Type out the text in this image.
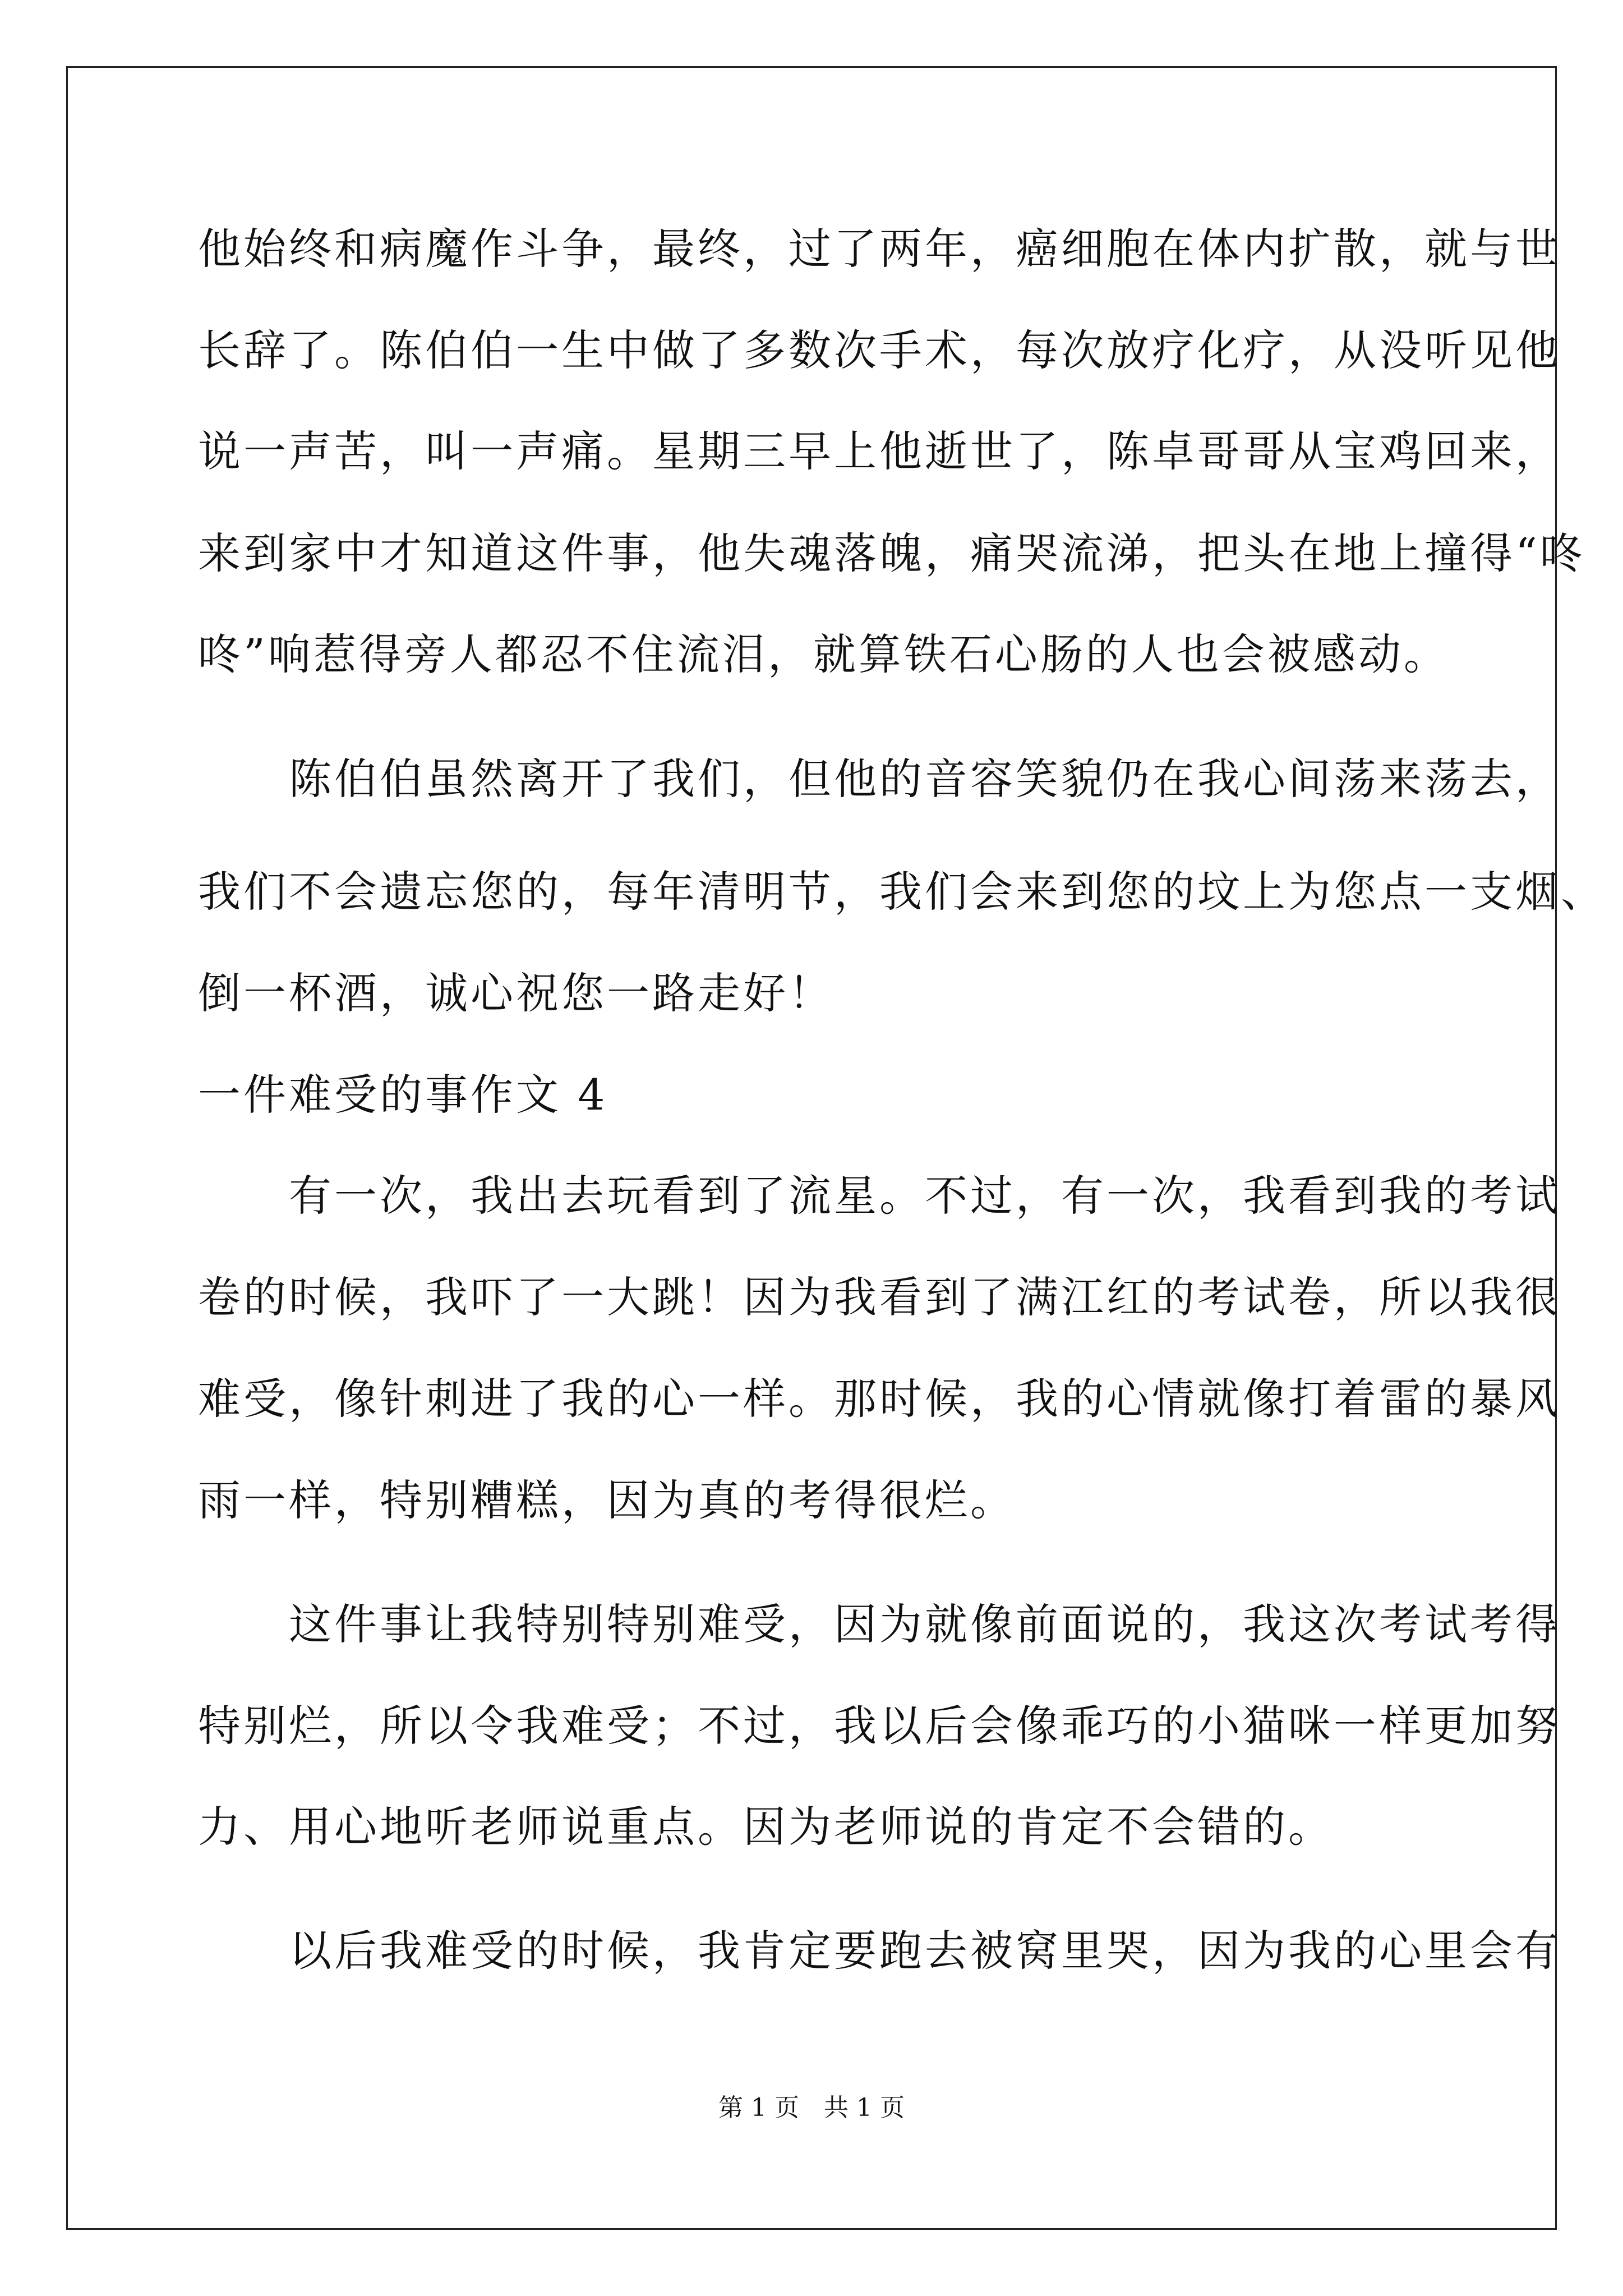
他始终和病魔作斗争，最终，过了两年，癌细胞在体内扩散，就与世
长辞了。陈伯伯一生中做了多数次手术，每次放疗化疗，从没听见他
说一声苦，叫一声痛。星期三早上他逝世了，陈卓哥哥从宝鸡回来，
来到家中才知道这件事，他失魂落魄，痛哭流涕，把头在地上撞得“咚
咚”响惹得旁人都忍不住流泪，就算铁石心肠的人也会被感动。
　　陈伯伯虽然离开了我们，但他的音容笑貌仍在我心间荡来荡去，
我们不会遗忘您的，每年清明节，我们会来到您的坟上为您点一支烟、
倒一杯酒，诚心祝您一路走好！
一件难受的事作文 4
　　有一次，我出去玩看到了流星。不过，有一次，我看到我的考试
卷的时候，我吓了一大跳！因为我看到了满江红的考试卷，所以我很
难受，像针刺进了我的心一样。那时候，我的心情就像打着雷的暴风
雨一样，特别糟糕，因为真的考得很烂。
　　这件事让我特别特别难受，因为就像前面说的，我这次考试考得
特别烂，所以令我难受；不过，我以后会像乖巧的小猫咪一样更加努
力、用心地听老师说重点。因为老师说的肯定不会错的。
　　以后我难受的时候，我肯定要跑去被窝里哭，因为我的心里会有
第 1 页　共 1 页
